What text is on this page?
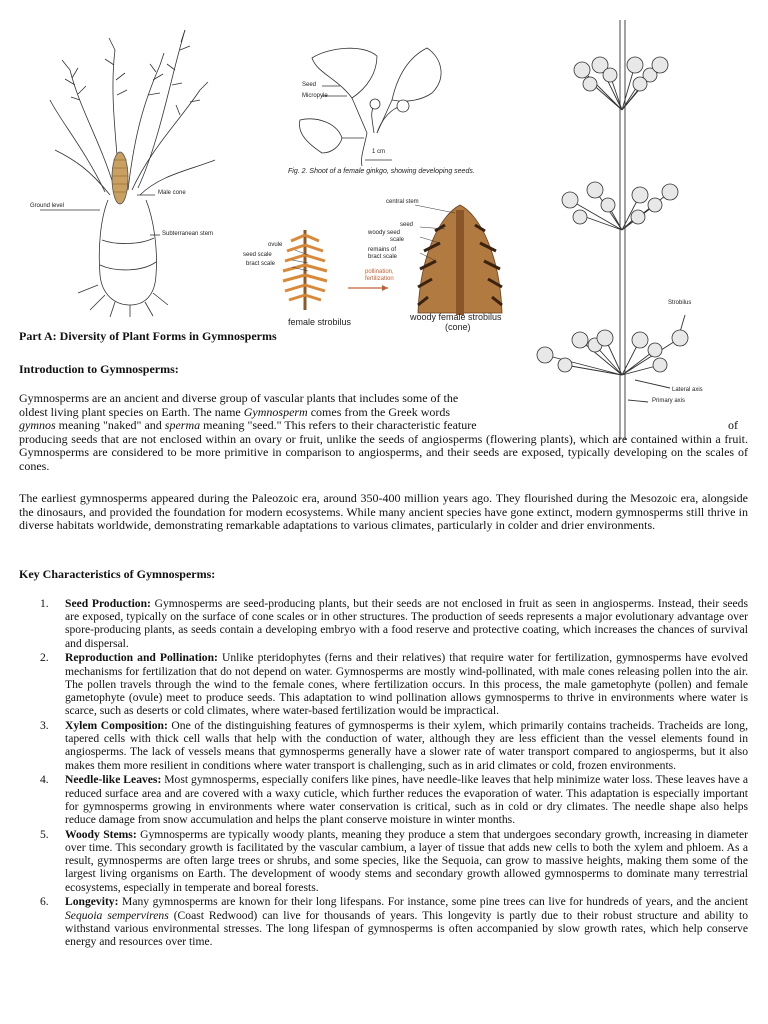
Male cone
Ground level
Subterranean stem
Seed
Micropyle
1 cm
Fig. 2. Shoot of a female ginkgo, showing developing seeds.
ovule
seed scale
bract scale
pollination,
fertilization
central stem
seed
woody seed
scale
remains of
bract scale
female strobilus	woody female strobilus
(cone)
Strobilus
Lateral axis
Primary axis
Part A: Diversity of Plant Forms in Gymnosperms
Introduction to Gymnosperms:
Gymnosperms are an ancient and diverse group of vascular plants that includes some of the
oldest living plant species on Earth. The name Gymnosperm comes from the Greek words
gymnos meaning "naked" and sperma meaning "seed." This refers to their characteristic feature	of
producing seeds that are not enclosed within an ovary or fruit, unlike the seeds of angiosperms (flowering plants), which are contained within a fruit. Gymnosperms are considered to be more primitive in comparison to angiosperms, and their seeds are exposed, typically developing on the scales of cones.

The earliest gymnosperms appeared during the Paleozoic era, around 350-400 million years ago. They flourished during the Mesozoic era, alongside the dinosaurs, and provided the foundation for modern ecosystems. While many ancient species have gone extinct, modern gymnosperms still thrive in diverse habitats worldwide, demonstrating remarkable adaptations to various climates, particularly in colder and drier environments.

Key Characteristics of Gymnosperms:
1. Seed Production: Gymnosperms are seed-producing plants, but their seeds are not enclosed in fruit as seen in angiosperms. Instead, their seeds are exposed, typically on the surface of cone scales or in other structures. The production of seeds represents a major evolutionary advantage over spore-producing plants, as seeds contain a developing embryo with a food reserve and protective coating, which increases the chances of survival and dispersal.
2. Reproduction and Pollination: Unlike pteridophytes (ferns and their relatives) that require water for fertilization, gymnosperms have evolved mechanisms for fertilization that do not depend on water. Gymnosperms are mostly wind-pollinated, with male cones releasing pollen into the air. The pollen travels through the wind to the female cones, where fertilization occurs. In this process, the male gametophyte (pollen) and female gametophyte (ovule) meet to produce seeds. This adaptation to wind pollination allows gymnosperms to thrive in environments where water is scarce, such as deserts or cold climates, where water-based fertilization would be impractical.
3. Xylem Composition: One of the distinguishing features of gymnosperms is their xylem, which primarily contains tracheids. Tracheids are long, tapered cells with thick cell walls that help with the conduction of water, although they are less efficient than the vessel elements found in angiosperms. The lack of vessels means that gymnosperms generally have a slower rate of water transport compared to angiosperms, but it also makes them more resilient in conditions where water transport is challenging, such as in arid climates or cold, frozen environments.
4. Needle-like Leaves: Most gymnosperms, especially conifers like pines, have needle-like leaves that help minimize water loss. These leaves have a reduced surface area and are covered with a waxy cuticle, which further reduces the evaporation of water. This adaptation is especially important for gymnosperms growing in environments where water conservation is critical, such as in cold or dry climates. The needle shape also helps reduce damage from snow accumulation and helps the plant conserve moisture in winter months.
5. Woody Stems: Gymnosperms are typically woody plants, meaning they produce a stem that undergoes secondary growth, increasing in diameter over time. This secondary growth is facilitated by the vascular cambium, a layer of tissue that adds new cells to both the xylem and phloem. As a result, gymnosperms are often large trees or shrubs, and some species, like the Sequoia, can grow to massive heights, making them some of the largest living organisms on Earth. The development of woody stems and secondary growth allowed gymnosperms to dominate many terrestrial ecosystems, especially in temperate and boreal forests.
6. Longevity: Many gymnosperms are known for their long lifespans. For instance, some pine trees can live for hundreds of years, and the ancient Sequoia sempervirens (Coast Redwood) can live for thousands of years. This longevity is partly due to their robust structure and ability to withstand various environmental stresses. The long lifespan of gymnosperms is often accompanied by slow growth rates, which help conserve energy and resources over time.
